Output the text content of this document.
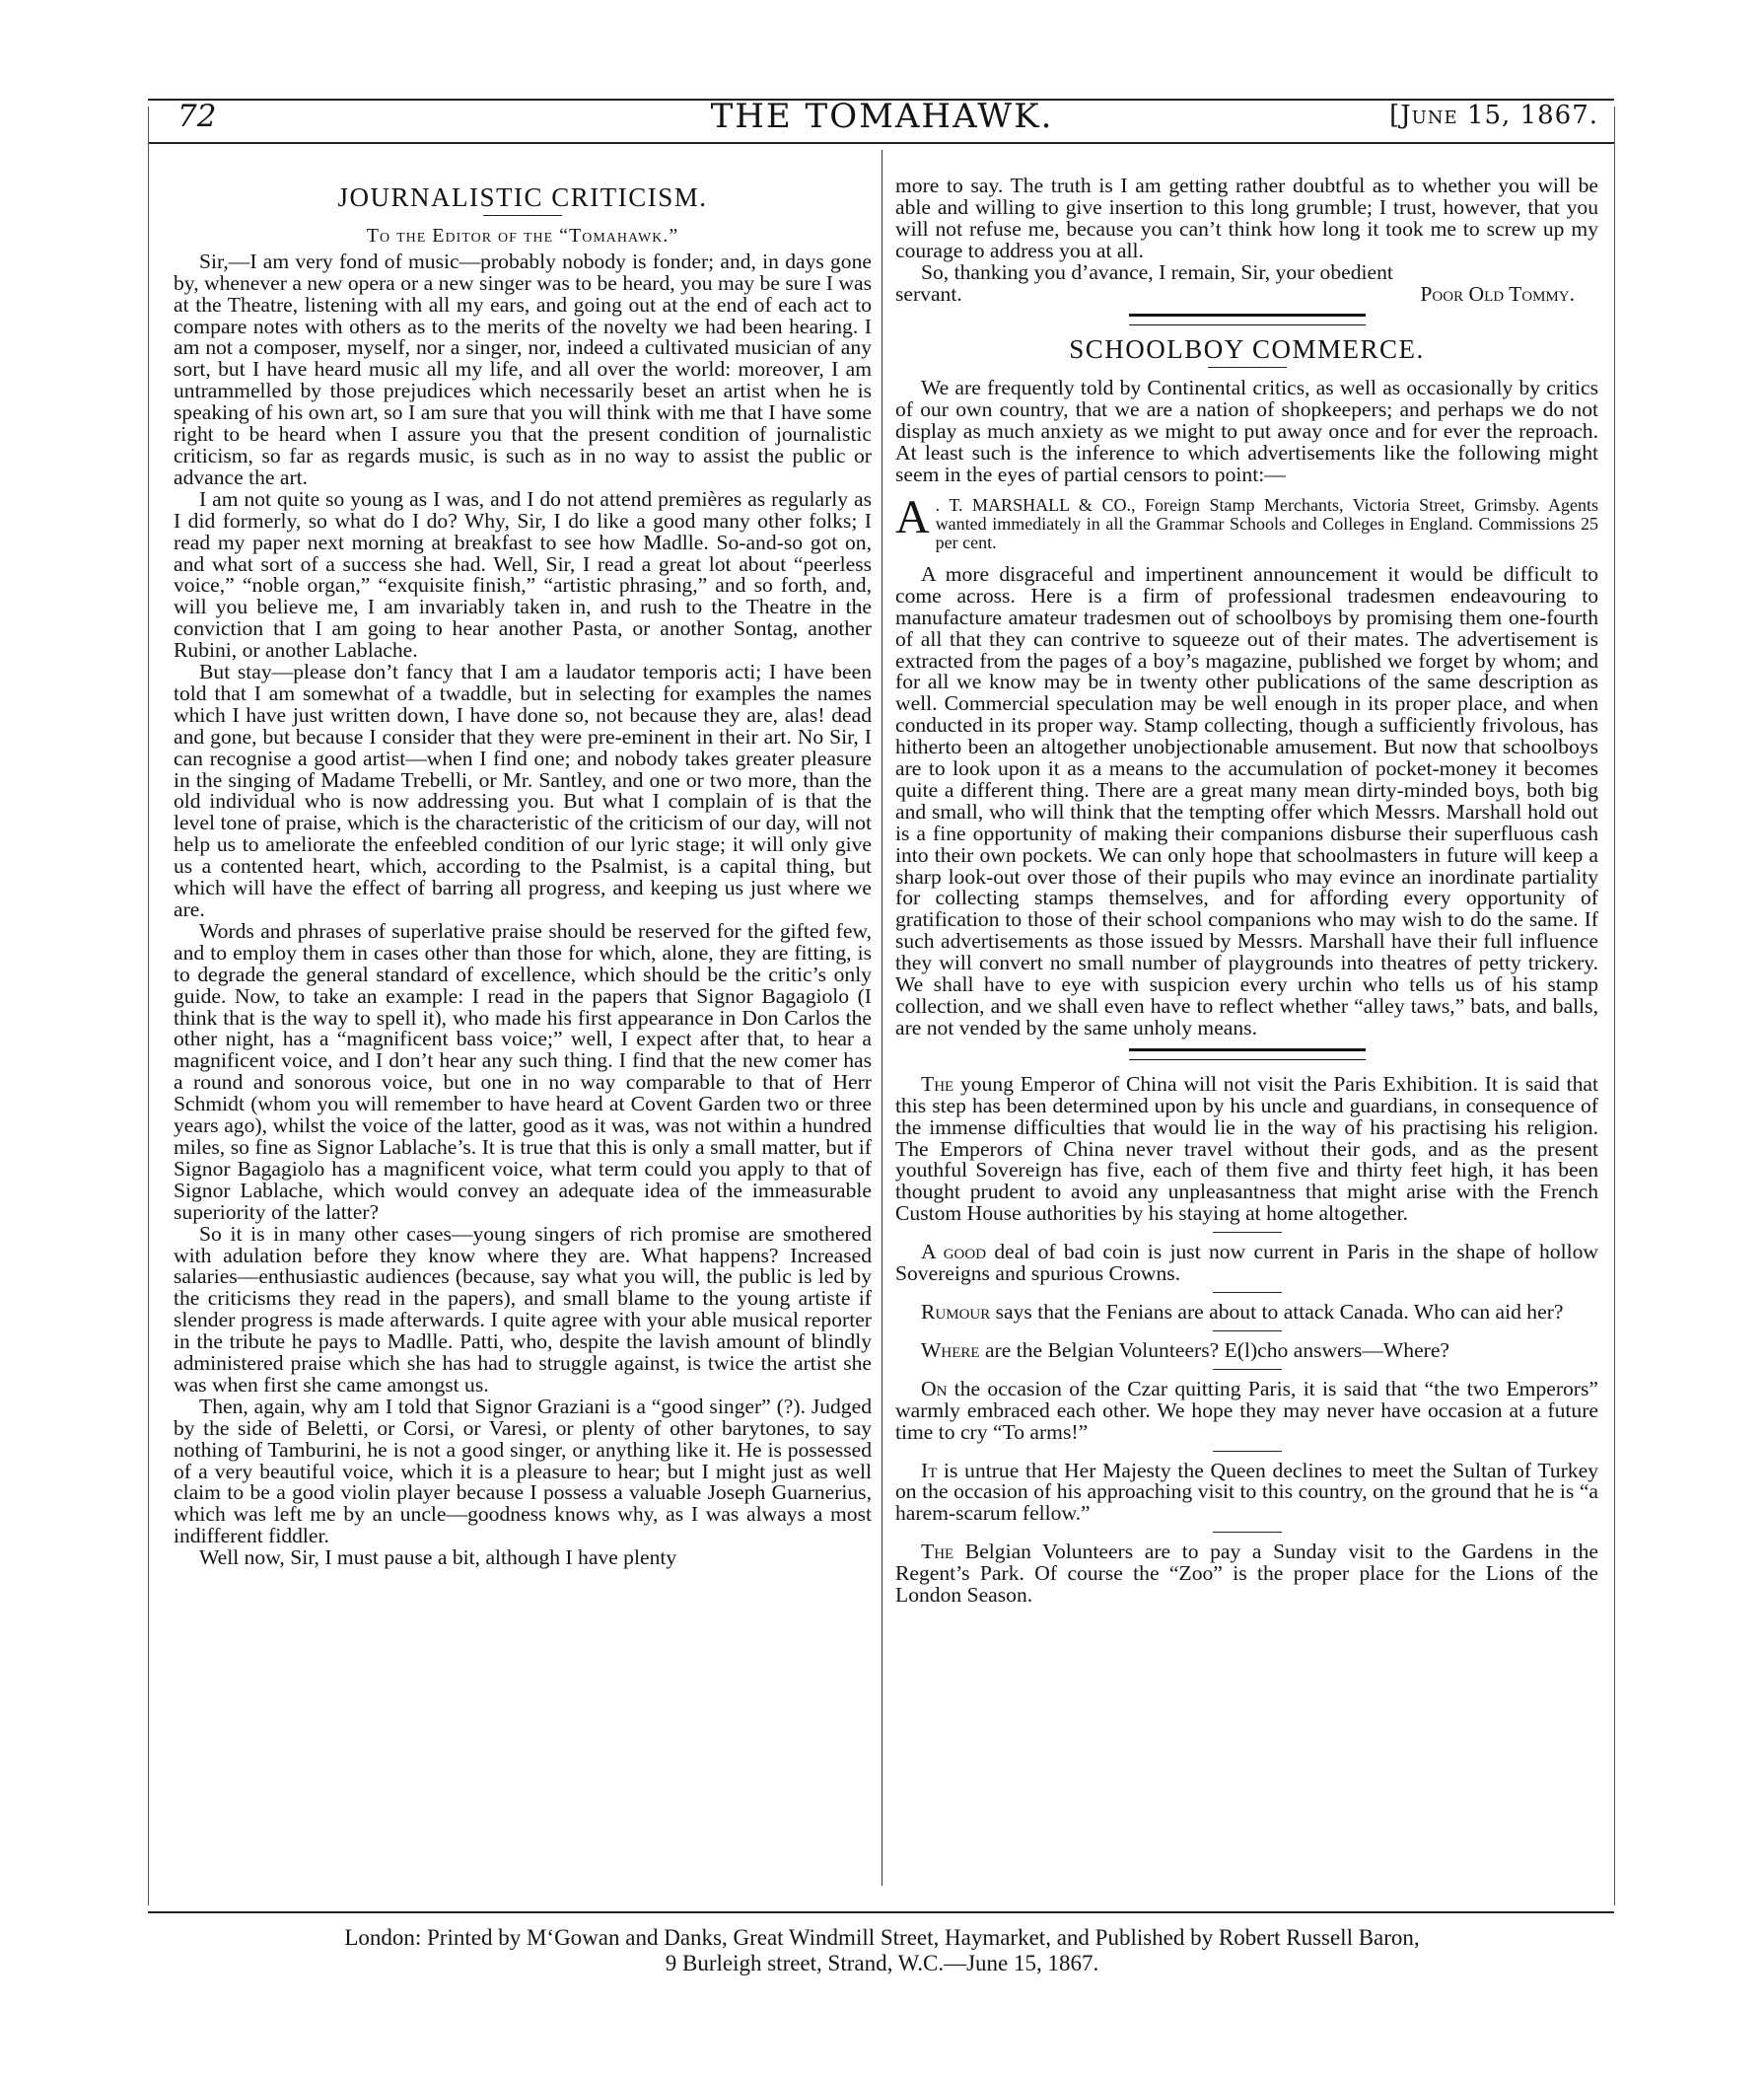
72	THE TOMAHAWK.	[June 15, 1867.
JOURNALISTIC CRITICISM.
To the Editor of the “Tomahawk.”

Sir,—I am very fond of music—probably nobody is fonder; and, in days gone by, whenever a new opera or a new singer was to be heard, you may be sure I was at the Theatre, listening with all my ears, and going out at the end of each act to compare notes with others as to the merits of the novelty we had been hearing. I am not a composer, myself, nor a singer, nor, indeed a cultivated musician of any sort, but I have heard music all my life, and all over the world: moreover, I am untrammelled by those prejudices which necessarily beset an artist when he is speaking of his own art, so I am sure that you will think with me that I have some right to be heard when I assure you that the present condition of journalistic criticism, so far as regards music, is such as in no way to assist the public or advance the art.

I am not quite so young as I was, and I do not attend premières as regularly as I did formerly, so what do I do? Why, Sir, I do like a good many other folks; I read my paper next morning at breakfast to see how Madlle. So-and-so got on, and what sort of a success she had. Well, Sir, I read a great lot about “peerless voice,” “noble organ,” “exquisite finish,” “artistic phrasing,” and so forth, and, will you believe me, I am invariably taken in, and rush to the Theatre in the conviction that I am going to hear another Pasta, or another Sontag, another Rubini, or another Lablache.

But stay—please don’t fancy that I am a laudator temporis acti; I have been told that I am somewhat of a twaddle, but in selecting for examples the names which I have just written down, I have done so, not because they are, alas! dead and gone, but because I consider that they were pre-eminent in their art. No Sir, I can recognise a good artist—when I find one; and nobody takes greater pleasure in the singing of Madame Trebelli, or Mr. Santley, and one or two more, than the old individual who is now addressing you. But what I complain of is that the level tone of praise, which is the characteristic of the criticism of our day, will not help us to ameliorate the enfeebled condition of our lyric stage; it will only give us a contented heart, which, according to the Psalmist, is a capital thing, but which will have the effect of barring all progress, and keeping us just where we are.

Words and phrases of superlative praise should be reserved for the gifted few, and to employ them in cases other than those for which, alone, they are fitting, is to degrade the general standard of excellence, which should be the critic’s only guide. Now, to take an example: I read in the papers that Signor Bagagiolo (I think that is the way to spell it), who made his first appearance in Don Carlos the other night, has a “magnificent bass voice;” well, I expect after that, to hear a magnificent voice, and I don’t hear any such thing. I find that the new comer has a round and sonorous voice, but one in no way comparable to that of Herr Schmidt (whom you will remember to have heard at Covent Garden two or three years ago), whilst the voice of the latter, good as it was, was not within a hundred miles, so fine as Signor Lablache’s. It is true that this is only a small matter, but if Signor Bagagiolo has a magnificent voice, what term could you apply to that of Signor Lablache, which would convey an adequate idea of the immeasurable superiority of the latter?

So it is in many other cases—young singers of rich promise are smothered with adulation before they know where they are. What happens? Increased salaries—enthusiastic audiences (because, say what you will, the public is led by the criticisms they read in the papers), and small blame to the young artiste if slender progress is made afterwards. I quite agree with your able musical reporter in the tribute he pays to Madlle. Patti, who, despite the lavish amount of blindly administered praise which she has had to struggle against, is twice the artist she was when first she came amongst us.

Then, again, why am I told that Signor Graziani is a “good singer” (?). Judged by the side of Beletti, or Corsi, or Varesi, or plenty of other barytones, to say nothing of Tamburini, he is not a good singer, or anything like it. He is possessed of a very beautiful voice, which it is a pleasure to hear; but I might just as well claim to be a good violin player because I possess a valuable Joseph Guarnerius, which was left me by an uncle—goodness knows why, as I was always a most indifferent fiddler.

Well now, Sir, I must pause a bit, although I have plenty

more to say. The truth is I am getting rather doubtful as to whether you will be able and willing to give insertion to this long grumble; I trust, however, that you will not refuse me, because you can’t think how long it took me to screw up my courage to address you at all.

So, thanking you d’avance, I remain, Sir, your obedient

servant.	Poor Old Tommy.

SCHOOLBOY COMMERCE.

We are frequently told by Continental critics, as well as occasionally by critics of our own country, that we are a nation of shopkeepers; and perhaps we do not display as much anxiety as we might to put away once and for ever the reproach. At least such is the inference to which advertisements like the following might seem in the eyes of partial censors to point:—

A . T. MARSHALL & CO., Foreign Stamp Merchants, Victoria Street, Grimsby. Agents wanted immediately in all the Grammar Schools and Colleges in England. Commissions 25 per cent.

A more disgraceful and impertinent announcement it would be difficult to come across. Here is a firm of professional tradesmen endeavouring to manufacture amateur tradesmen out of schoolboys by promising them one-fourth of all that they can contrive to squeeze out of their mates. The advertisement is extracted from the pages of a boy’s magazine, published we forget by whom; and for all we know may be in twenty other publications of the same description as well. Commercial speculation may be well enough in its proper place, and when conducted in its proper way. Stamp collecting, though a sufficiently frivolous, has hitherto been an altogether unobjectionable amusement. But now that schoolboys are to look upon it as a means to the accumulation of pocket-money it becomes quite a different thing. There are a great many mean dirty-minded boys, both big and small, who will think that the tempting offer which Messrs. Marshall hold out is a fine opportunity of making their companions disburse their superfluous cash into their own pockets. We can only hope that schoolmasters in future will keep a sharp look-out over those of their pupils who may evince an inordinate partiality for collecting stamps themselves, and for affording every opportunity of gratification to those of their school companions who may wish to do the same. If such advertisements as those issued by Messrs. Marshall have their full influence they will convert no small number of playgrounds into theatres of petty trickery. We shall have to eye with suspicion every urchin who tells us of his stamp collection, and we shall even have to reflect whether “alley taws,” bats, and balls, are not vended by the same unholy means.

The young Emperor of China will not visit the Paris Exhibition. It is said that this step has been determined upon by his uncle and guardians, in consequence of the immense difficulties that would lie in the way of his practising his religion. The Emperors of China never travel without their gods, and as the present youthful Sovereign has five, each of them five and thirty feet high, it has been thought prudent to avoid any unpleasantness that might arise with the French Custom House authorities by his staying at home altogether.

A good deal of bad coin is just now current in Paris in the shape of hollow Sovereigns and spurious Crowns.

Rumour says that the Fenians are about to attack Canada. Who can aid her?

Where are the Belgian Volunteers? E(l)cho answers—Where?

On the occasion of the Czar quitting Paris, it is said that “the two Emperors” warmly embraced each other. We hope they may never have occasion at a future time to cry “To arms!”

It is untrue that Her Majesty the Queen declines to meet the Sultan of Turkey on the occasion of his approaching visit to this country, on the ground that he is “a harem-scarum fellow.”

The Belgian Volunteers are to pay a Sunday visit to the Gardens in the Regent’s Park. Of course the “Zoo” is the proper place for the Lions of the London Season.

London: Printed by M‘Gowan and Danks, Great Windmill Street, Haymarket, and Published by Robert Russell Baron,
9 Burleigh street, Strand, W.C.—June 15, 1867.
